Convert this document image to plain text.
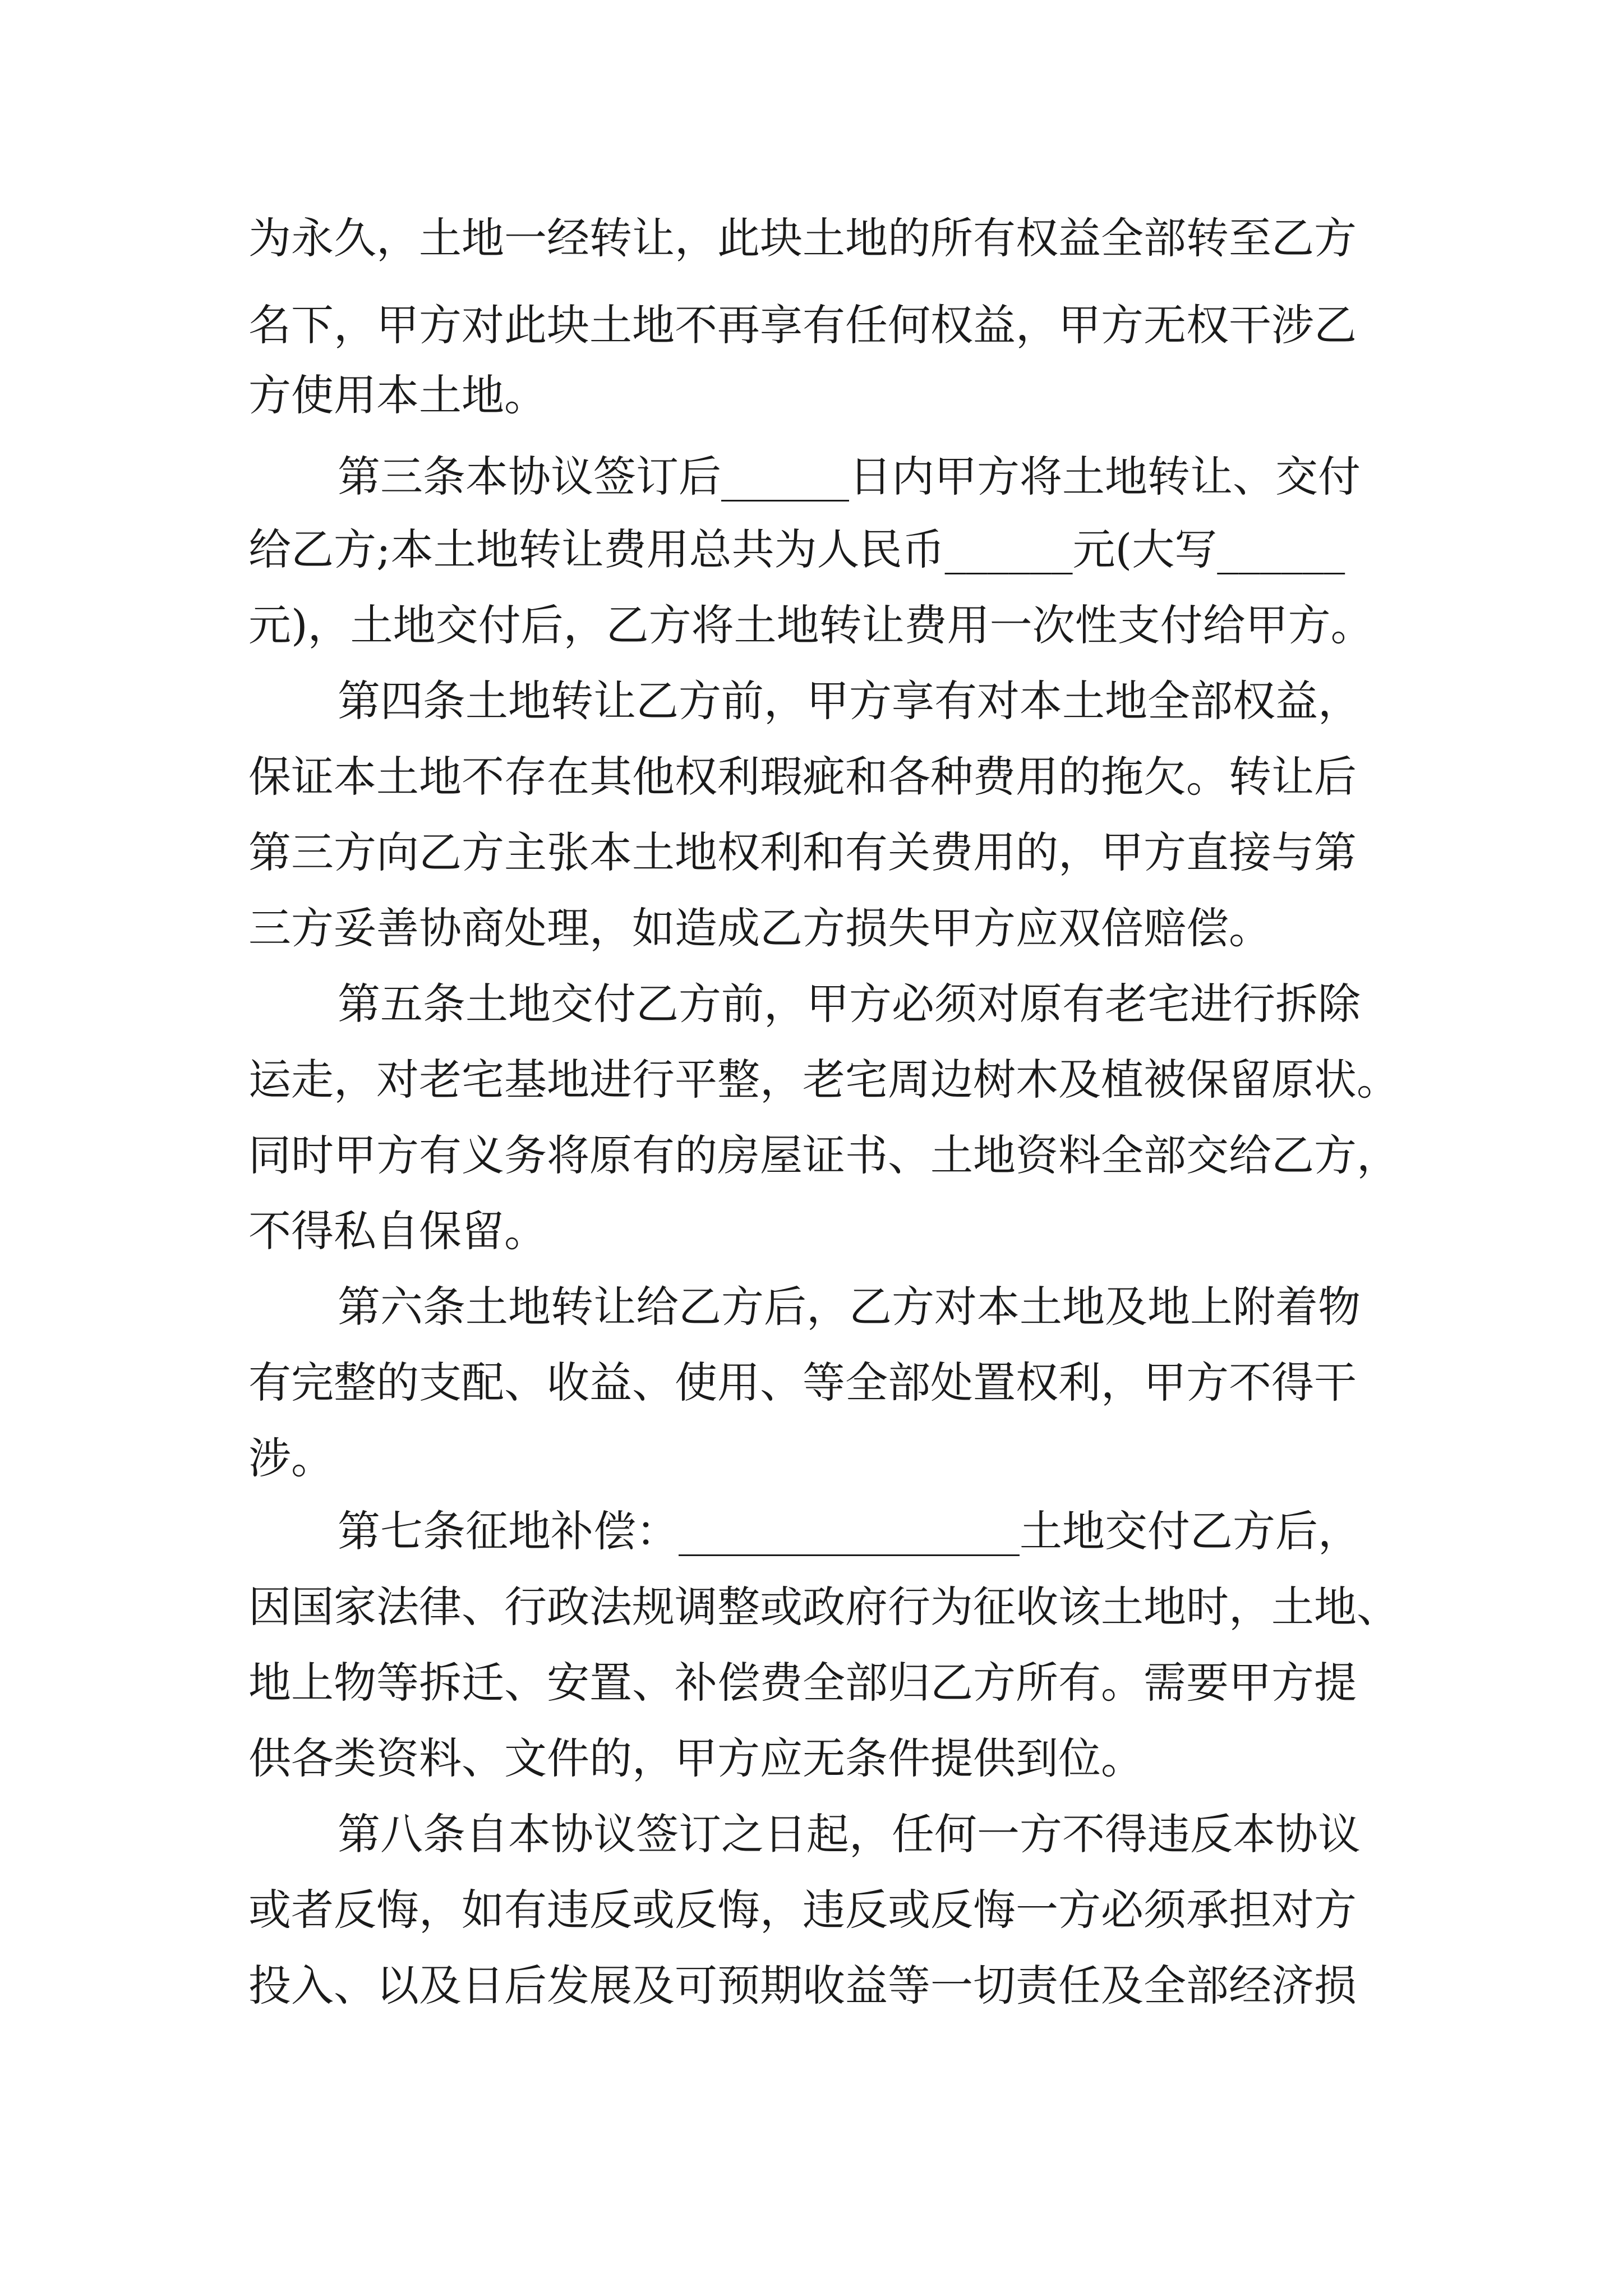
为永久，土地一经转让，此块土地的所有权益全部转至乙方
名下，甲方对此块土地不再享有任何权益，甲方无权干涉乙
方使用本土地。
第三条本协议签订后______日内甲方将土地转让、交付
给乙方;本土地转让费用总共为人民币______元(大写______
元)，土地交付后，乙方将土地转让费用一次性支付给甲方。
第四条土地转让乙方前，甲方享有对本土地全部权益，
保证本土地不存在其他权利瑕疵和各种费用的拖欠。转让后
第三方向乙方主张本土地权利和有关费用的，甲方直接与第
三方妥善协商处理，如造成乙方损失甲方应双倍赔偿。
第五条土地交付乙方前，甲方必须对原有老宅进行拆除
运走，对老宅基地进行平整，老宅周边树木及植被保留原状。
同时甲方有义务将原有的房屋证书、土地资料全部交给乙方，
不得私自保留。
第六条土地转让给乙方后，乙方对本土地及地上附着物
有完整的支配、收益、使用、等全部处置权利，甲方不得干
涉。
第七条征地补偿：________________土地交付乙方后，
因国家法律、行政法规调整或政府行为征收该土地时，土地、
地上物等拆迁、安置、补偿费全部归乙方所有。需要甲方提
供各类资料、文件的，甲方应无条件提供到位。
第八条自本协议签订之日起，任何一方不得违反本协议
或者反悔，如有违反或反悔，违反或反悔一方必须承担对方
投入、以及日后发展及可预期收益等一切责任及全部经济损
